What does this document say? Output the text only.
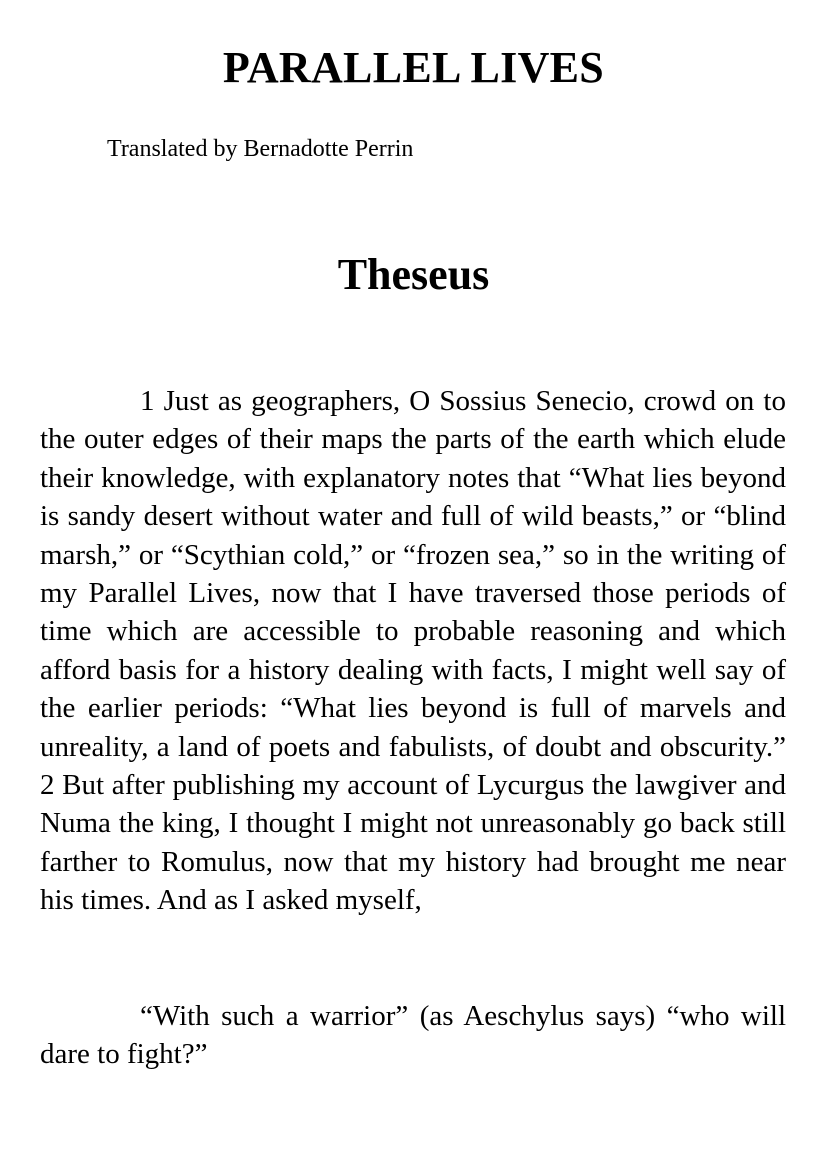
PARALLEL LIVES

Translated by Bernadotte Perrin

Theseus

1 Just as geographers, O Sossius Senecio, crowd on to the outer edges of their maps the parts of the earth which elude their knowledge, with explanatory notes that “What lies beyond is sandy desert without water and full of wild beasts,” or “blind marsh,” or “Scythian cold,” or “frozen sea,” so in the writing of my Parallel Lives, now that I have traversed those periods of time which are accessible to probable reasoning and which afford basis for a history dealing with facts, I might well say of the earlier periods: “What lies beyond is full of marvels and unreality, a land of poets and fabulists, of doubt and obscurity.” 2 But after publishing my account of Lycurgus the lawgiver and Numa the king, I thought I might not unreasonably go back still farther to Romulus, now that my history had brought me near his times. And as I asked myself,

“With such a warrior” (as Aeschylus says) “who will dare to fight?”
